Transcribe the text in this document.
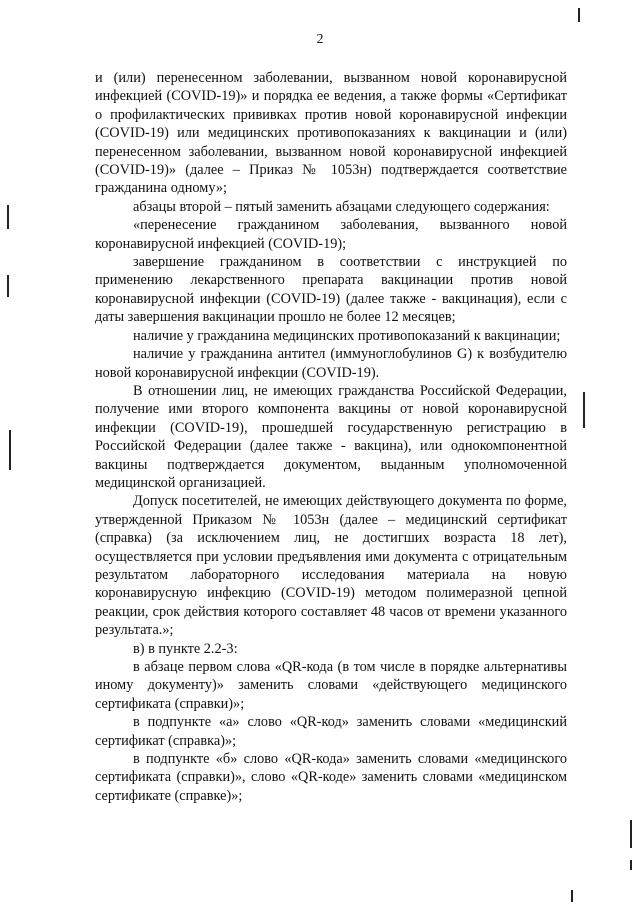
2

и (или) перенесенном заболевании, вызванном новой коронавирусной инфекцией (COVID-19)» и порядка ее ведения, а также формы «Сертификат о профилактических прививках против новой коронавирусной инфекции (COVID-19) или медицинских противопоказаниях к вакцинации и (или) перенесенном заболевании, вызванном новой коронавирусной инфекцией (COVID-19)» (далее – Приказ № 1053н) подтверждается соответствие гражданина одному»;

абзацы второй – пятый заменить абзацами следующего содержания:

«перенесение гражданином заболевания, вызванного новой коронавирусной инфекцией (COVID-19);

завершение гражданином в соответствии с инструкцией по применению лекарственного препарата вакцинации против новой коронавирусной инфекции (COVID-19) (далее также - вакцинация), если с даты завершения вакцинации прошло не более 12 месяцев;

наличие у гражданина медицинских противопоказаний к вакцинации;

наличие у гражданина антител (иммуноглобулинов G) к возбудителю новой коронавирусной инфекции (COVID-19).

В отношении лиц, не имеющих гражданства Российской Федерации, получение ими второго компонента вакцины от новой коронавирусной инфекции (COVID-19), прошедшей государственную регистрацию в Российской Федерации (далее также - вакцина), или однокомпонентной вакцины подтверждается документом, выданным уполномоченной медицинской организацией.

Допуск посетителей, не имеющих действующего документа по форме, утвержденной Приказом № 1053н (далее – медицинский сертификат (справка) (за исключением лиц, не достигших возраста 18 лет), осуществляется при условии предъявления ими документа с отрицательным результатом лабораторного исследования материала на новую коронавирусную инфекцию (COVID-19) методом полимеразной цепной реакции, срок действия которого составляет 48 часов от времени указанного результата.»;

в) в пункте 2.2-3:

в абзаце первом слова «QR-кода (в том числе в порядке альтернативы иному документу)» заменить словами «действующего медицинского сертификата (справки)»;

в подпункте «а» слово «QR-код» заменить словами «медицинский сертификат (справка)»;

в подпункте «б» слово «QR-кода» заменить словами «медицинского сертификата (справки)», слово «QR-коде» заменить словами «медицинском сертификате (справке)»;
